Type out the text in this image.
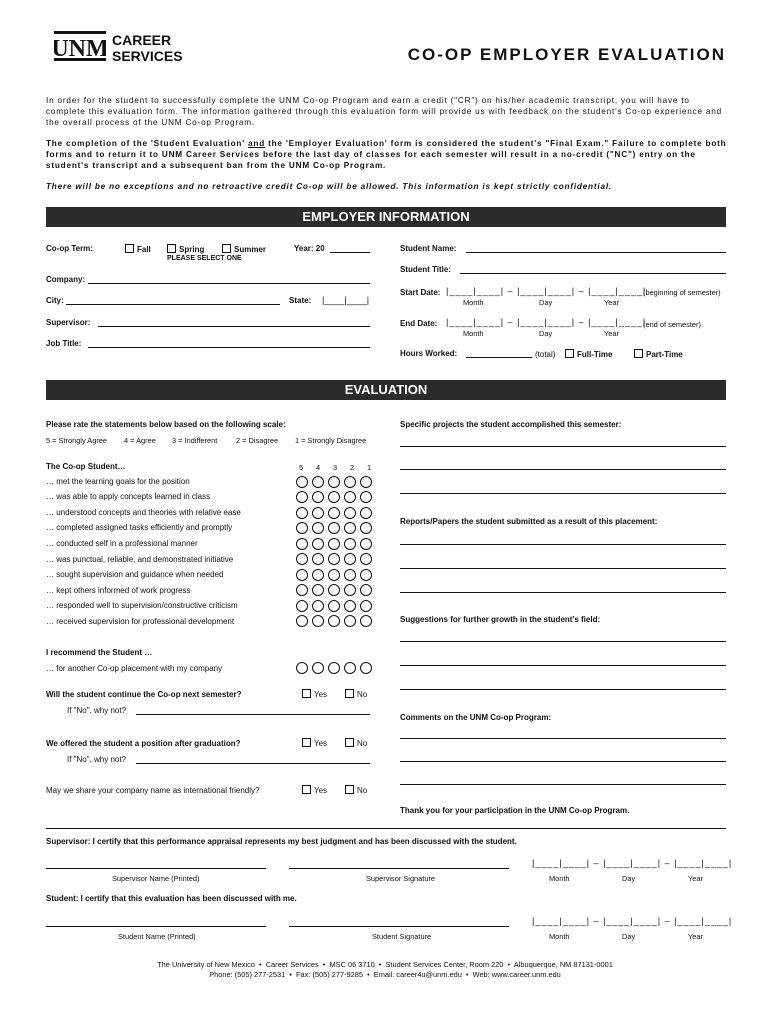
UNM CAREER
SERVICES	CO-OP EMPLOYER EVALUATION
In order for the student to successfully complete the UNM Co-op Program and earn a credit ("CR") on his/her academic transcript, you will have to complete this evaluation form. The information gathered through this evaluation form will provide us with feedback on the student's Co-op experience and the overall process of the UNM Co-op Program.
The completion of the 'Student Evaluation' and the 'Employer Evaluation' form is considered the student's "Final Exam." Failure to complete both forms and to return it to UNM Career Services before the last day of classes for each semester will result in a no-credit ("NC") entry on the student's transcript and a subsequent ban from the UNM Co-op Program.
There will be no exceptions and no retroactive credit Co-op will be allowed. This information is kept strictly confidential.
EMPLOYER INFORMATION
Co-op Term:	Fall	Spring	Summer
PLEASE SELECT ONE
Year: 20
Company:
City:	State: |____|____|
Supervisor:
Job Title:
Student Name:
Student Title:
Start Date: |____|____| – |____|____| – |____|____|
(beginning of semester)
Month	Day	Year
End Date: |____|____| – |____|____| – |____|____|
(end of semester)
Month	Day	Year
Hours Worked:	(total)	Full-Time	Part-Time
EVALUATION
Please rate the statements below based on the following scale:
5 = Strongly Agree 4 = Agree 3 = Indifferent	2 = Disagree 1 = Strongly Disagree
The Co-op Student…	5 4 3 2 1
… met the learning goals for the position
… was able to apply concepts learned in class
… understood concepts and theories with relative ease
… completed assigned tasks efficiently and promptly
… conducted self in a professional manner
… was punctual, reliable, and demonstrated initiative
… sought supervision and guidance when needed
… kept others informed of work progress
… responded well to supervision/constructive criticism
… received supervision for professional development
I recommend the Student …
… for another Co-op placement with my company
Will the student continue the Co-op next semester?	Yes	No
If "No", why not?
We offered the student a position after graduation?	Yes	No
If "No", why not?
May we share your company name as international friendly?	Yes	No
Specific projects the student accomplished this semester:
Reports/Papers the student submitted as a result of this placement:
Suggestions for further growth in the student's field:
Comments on the UNM Co-op Program:
Thank you for your participation in the UNM Co-op Program.
Supervisor: I certify that this performance appraisal represents my best judgment and has been discussed with the student.
|____|____| – |____|____| – |____|____|
Supervisor Name (Printed)	Supervisor Signature	Month	Day	Year
Student: I certify that this evaluation has been discussed with me.
|____|____| – |____|____| – |____|____|
Student Name (Printed)	Student Signature	Month	Day	Year
The University of New Mexico  •  Career Services  •  MSC 06 3710  •  Student Services Center, Room 220  •  Albuquerque, NM 87131-0001
Phone: (505) 277-2531  •  Fax: (505) 277-9285  •  Email: career4u@unm.edu  •  Web: www.career.unm.edu
